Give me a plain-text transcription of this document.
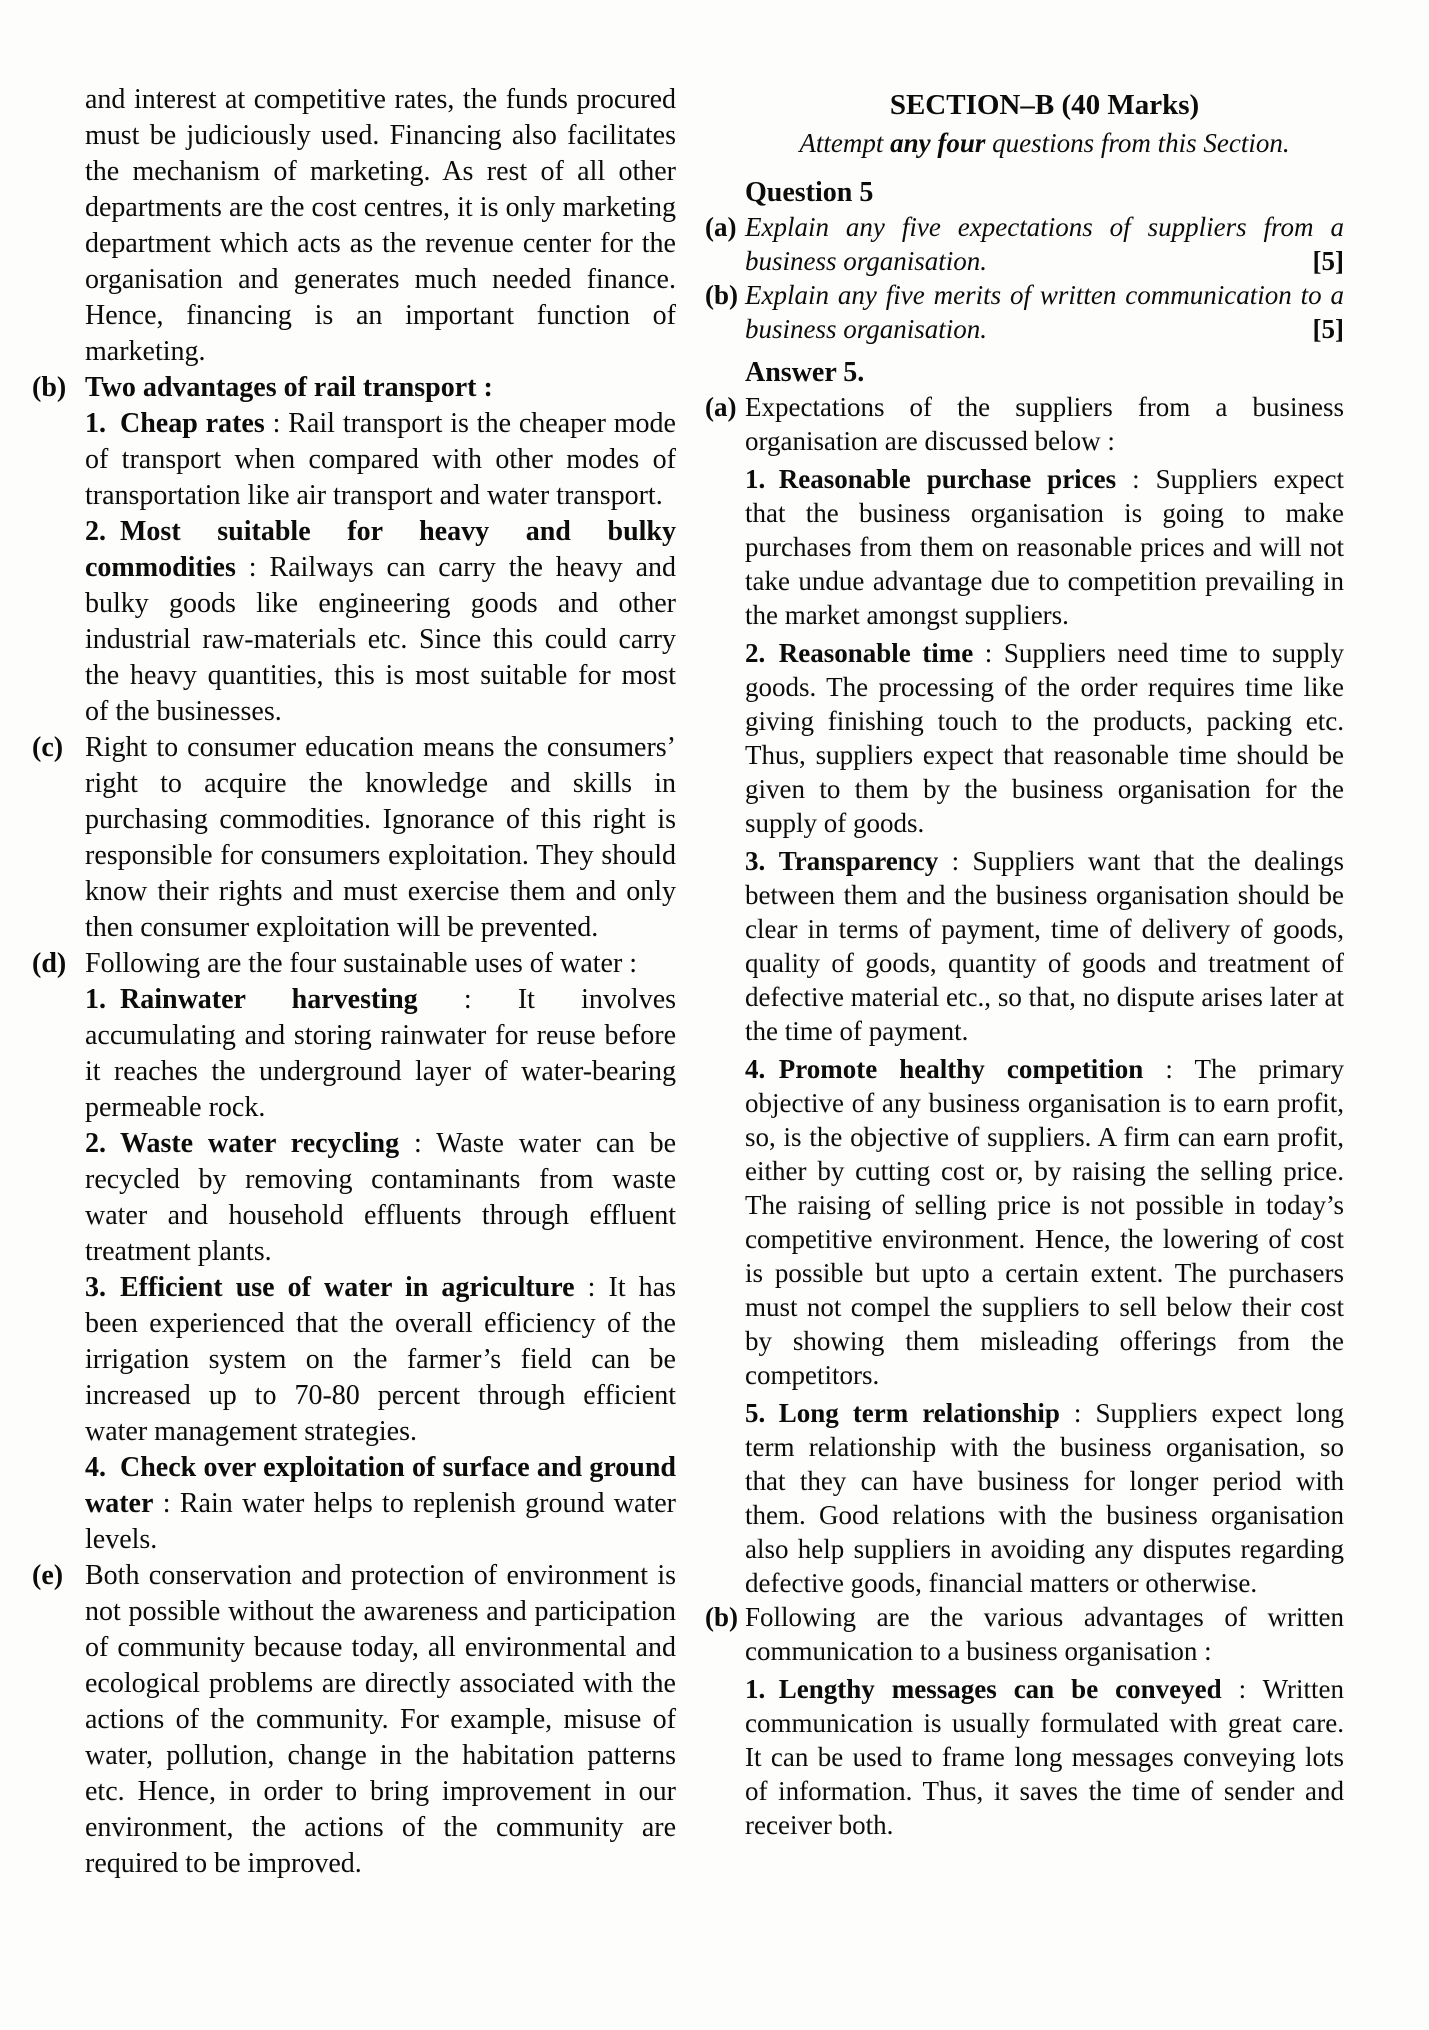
and interest at competitive rates, the funds procured must be judiciously used. Financing also facilitates the mechanism of marketing. As rest of all other departments are the cost centres, it is only marketing department which acts as the revenue center for the organisation and generates much needed finance. Hence, financing is an important function of marketing.
(b) Two advantages of rail transport :
1. Cheap rates : Rail transport is the cheaper mode of transport when compared with other modes of transportation like air transport and water transport.
2. Most suitable for heavy and bulky commodities : Railways can carry the heavy and bulky goods like engineering goods and other industrial raw-materials etc. Since this could carry the heavy quantities, this is most suitable for most of the businesses.
(c) Right to consumer education means the consumers’ right to acquire the knowledge and skills in purchasing commodities. Ignorance of this right is responsible for consumers exploitation. They should know their rights and must exercise them and only then consumer exploitation will be prevented.
(d) Following are the four sustainable uses of water :
1. Rainwater harvesting : It involves accumulating and storing rainwater for reuse before it reaches the underground layer of water-bearing permeable rock.
2. Waste water recycling : Waste water can be recycled by removing contaminants from waste water and household effluents through effluent treatment plants.
3. Efficient use of water in agriculture : It has been experienced that the overall efficiency of the irrigation system on the farmer’s field can be increased up to 70-80 percent through efficient water management strategies.
4. Check over exploitation of surface and ground water : Rain water helps to replenish ground water levels.
(e) Both conservation and protection of environment is not possible without the awareness and participation of community because today, all environmental and ecological problems are directly associated with the actions of the community. For example, misuse of water, pollution, change in the habitation patterns etc. Hence, in order to bring improvement in our environment, the actions of the community are required to be improved.
SECTION–B (40 Marks)
Attempt any four questions from this Section.
Question 5
(a) Explain any five expectations of suppliers from a business organisation.	[5]
(b) Explain any five merits of written communication to a business organisation.	[5]
Answer 5.
(a) Expectations of the suppliers from a business organisation are discussed below :
1. Reasonable purchase prices : Suppliers expect that the business organisation is going to make purchases from them on reasonable prices and will not take undue advantage due to competition prevailing in the market amongst suppliers.
2. Reasonable time : Suppliers need time to supply goods. The processing of the order requires time like giving finishing touch to the products, packing etc. Thus, suppliers expect that reasonable time should be given to them by the business organisation for the supply of goods.
3. Transparency : Suppliers want that the dealings between them and the business organisation should be clear in terms of payment, time of delivery of goods, quality of goods, quantity of goods and treatment of defective material etc., so that, no dispute arises later at the time of payment.
4. Promote healthy competition : The primary objective of any business organisation is to earn profit, so, is the objective of suppliers. A firm can earn profit, either by cutting cost or, by raising the selling price. The raising of selling price is not possible in today’s competitive environment. Hence, the lowering of cost is possible but upto a certain extent. The purchasers must not compel the suppliers to sell below their cost by showing them misleading offerings from the competitors.
5. Long term relationship : Suppliers expect long term relationship with the business organisation, so that they can have business for longer period with them. Good relations with the business organisation also help suppliers in avoiding any disputes regarding defective goods, financial matters or otherwise.
(b) Following are the various advantages of written communication to a business organisation :
1. Lengthy messages can be conveyed : Written communication is usually formulated with great care. It can be used to frame long messages conveying lots of information. Thus, it saves the time of sender and receiver both.
